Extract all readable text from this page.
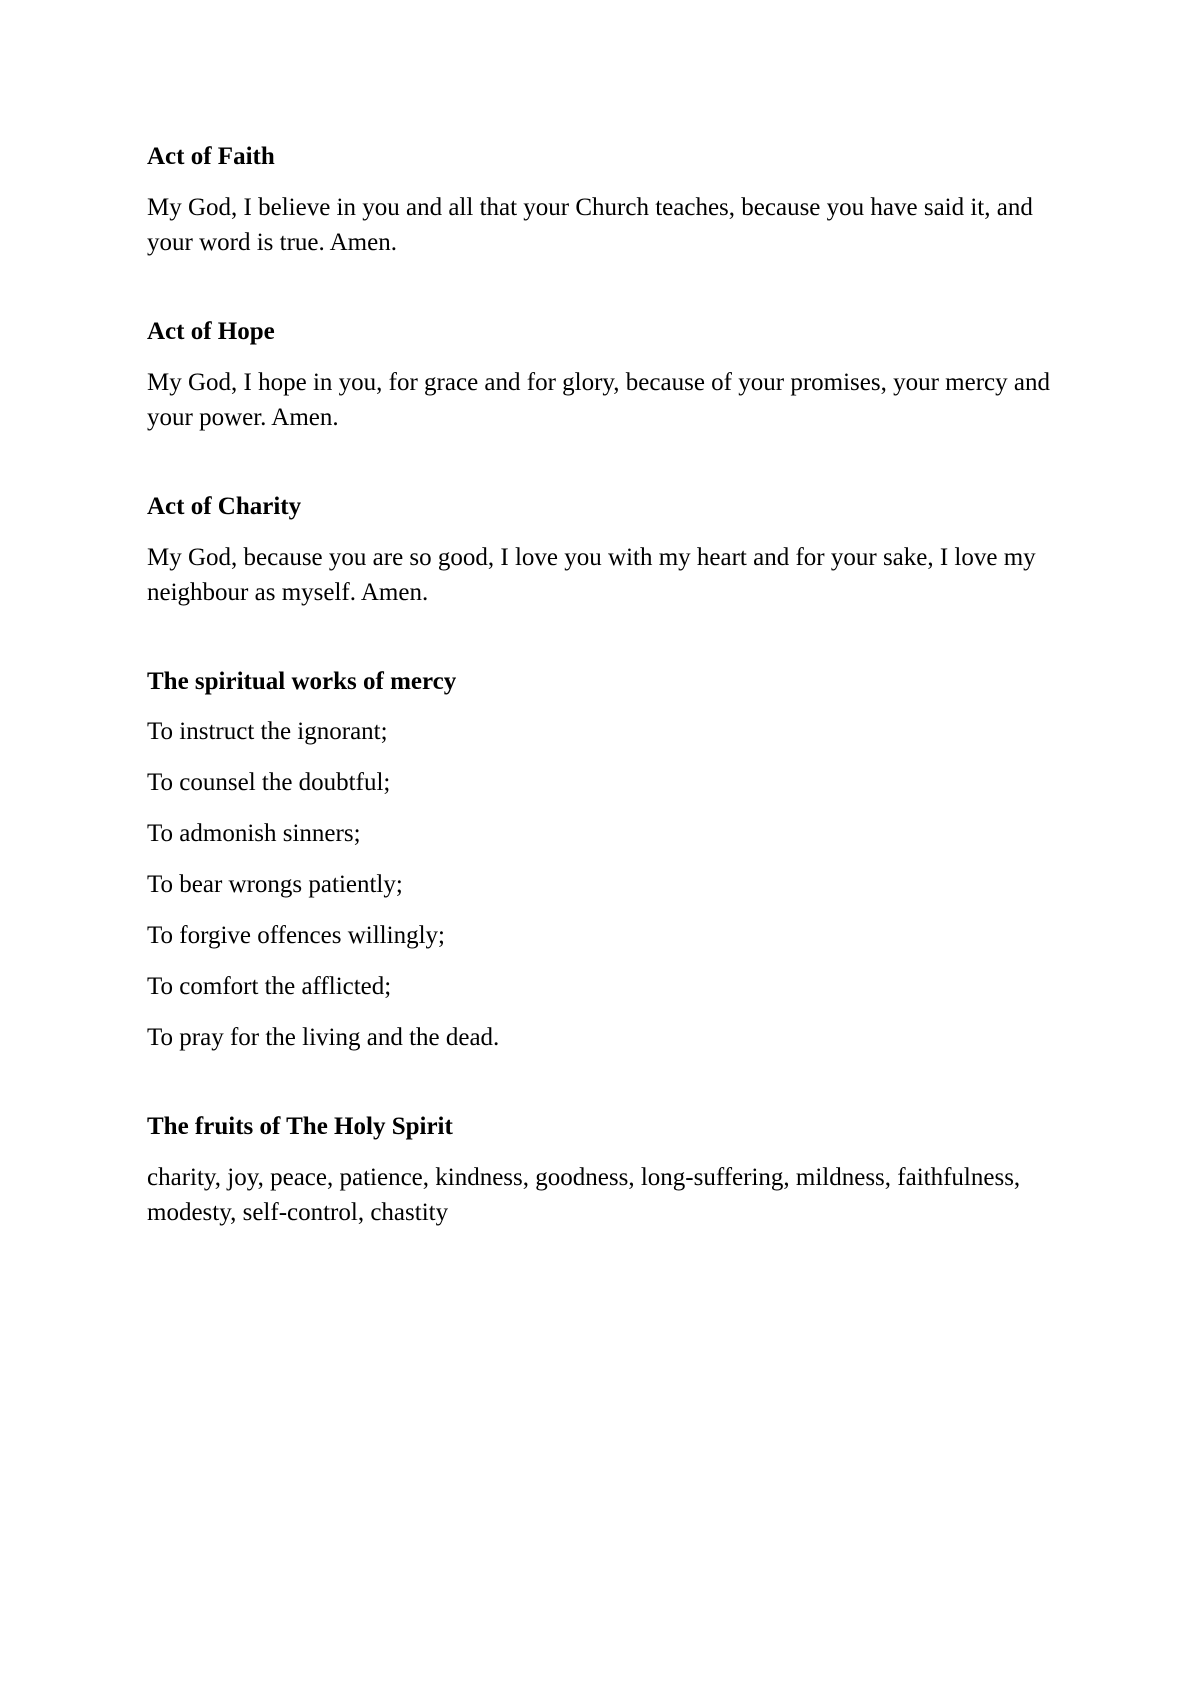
Act of Faith

My God, I believe in you and all that your Church teaches, because you have said it, and your word is true. Amen.

Act of Hope

My God, I hope in you, for grace and for glory, because of your promises, your mercy and your power. Amen.

Act of Charity

My God, because you are so good, I love you with my heart and for your sake, I love my neighbour as myself. Amen.

The spiritual works of mercy
To instruct the ignorant;
To counsel the doubtful;
To admonish sinners;
To bear wrongs patiently;
To forgive offences willingly;
To comfort the afflicted;
To pray for the living and the dead.
The fruits of The Holy Spirit

charity, joy, peace, patience, kindness, goodness, long-suffering, mildness, faithfulness, modesty, self-control, chastity
